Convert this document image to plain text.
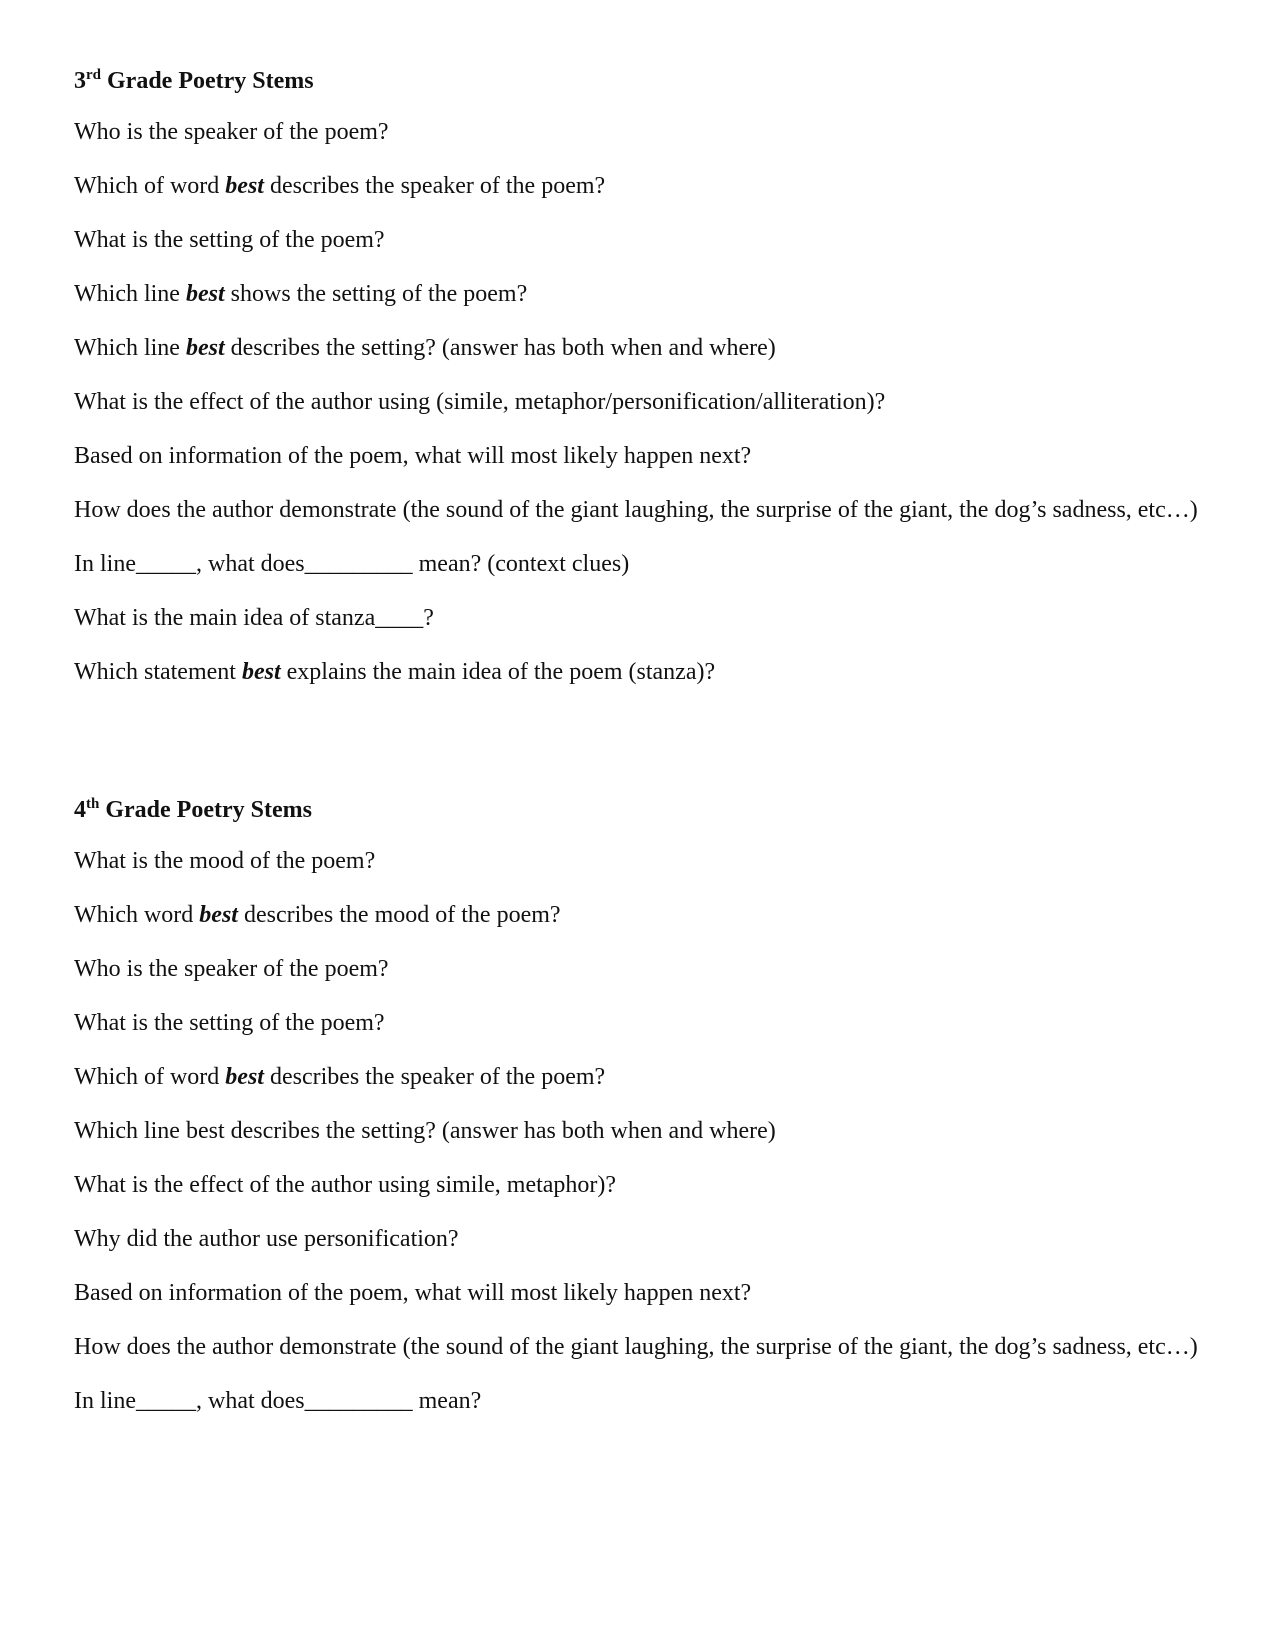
3rd Grade Poetry Stems
Who is the speaker of the poem?
Which of word best describes the speaker of the poem?
What is the setting of the poem?
Which line best shows the setting of the poem?
Which line best describes the setting? (answer has both when and where)
What is the effect of the author using (simile, metaphor/personification/alliteration)?
Based on information of the poem, what will most likely happen next?
How does the author demonstrate (the sound of the giant laughing, the surprise of the giant, the dog’s sadness, etc…)
In line_____, what does_________ mean? (context clues)
What is the main idea of stanza____?
Which statement best explains the main idea of the poem (stanza)?
4th Grade Poetry Stems
What is the mood of the poem?
Which word best describes the mood of the poem?
Who is the speaker of the poem?
What is the setting of the poem?
Which of word best describes the speaker of the poem?
Which line best describes the setting? (answer has both when and where)
What is the effect of the author using simile, metaphor)?
Why did the author use personification?
Based on information of the poem, what will most likely happen next?
How does the author demonstrate (the sound of the giant laughing, the surprise of the giant, the dog’s sadness, etc…)
In line_____, what does_________ mean?
